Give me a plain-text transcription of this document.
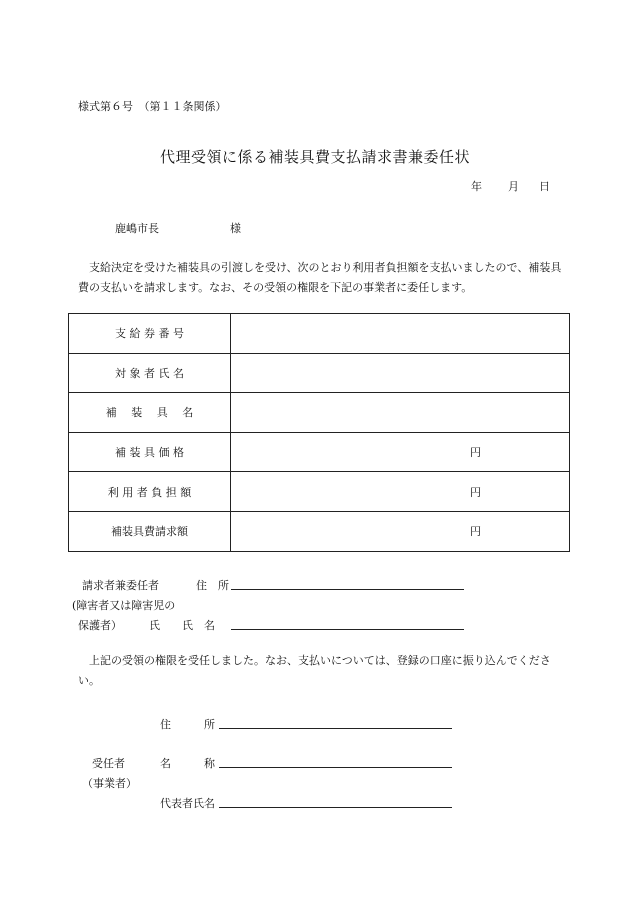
様式第６号　（第１１条関係）
代理受領に係る補装具費支払請求書兼委任状
年 月 日
鹿嶋市長	様
支給決定を受けた補装具の引渡しを受け、次のとおり利用者負担額を支払いましたので、補装具費の支払いを請求します。なお、その受領の権限を下記の事業者に委任します。
支 給 券 番 号	
対 象 者 氏 名	
補　 装 　具　 名	
補 装 具 価 格	円
利 用 者 負 担 額	円
補装具費請求額	円
請求者兼委任者	住　所
(障害者又は障害児の
保護者） 氏　　氏　名
上記の受領の権限を受任しました。なお、支払いについては、登録の口座に振り込んでください。
住　　　所
受任者	名　　　称
（事業者）
代表者氏名
